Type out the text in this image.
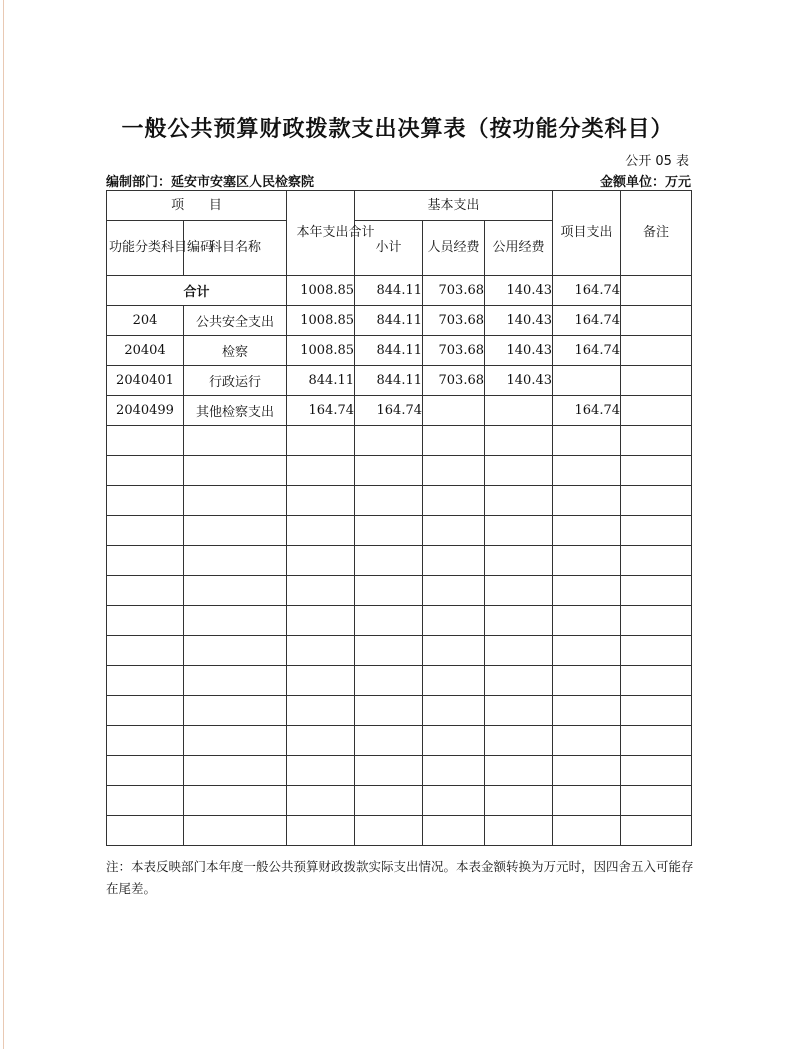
一般公共预算财政拨款支出决算表（按功能分类科目）
公开 05 表
编制部门：延安市安塞区人民检察院	金额单位：万元
项      目		本年支出合计	基本支出			项目支出	备注

功能分类科目编码	科目名称		小计	人员经费	公用经费		
合计		1008.85	844.11	703.68	140.43	164.74	
204	公共安全支出	1008.85	844.11	703.68	140.43	164.74	
20404	检察	1008.85	844.11	703.68	140.43	164.74	
2040401	行政运行	844.11	844.11	703.68	140.43		
2040499	其他检察支出	164.74	164.74			164.74	

注：本表反映部门本年度一般公共预算财政拨款实际支出情况。本表金额转换为万元时，因四舍五入可能存在尾差。
